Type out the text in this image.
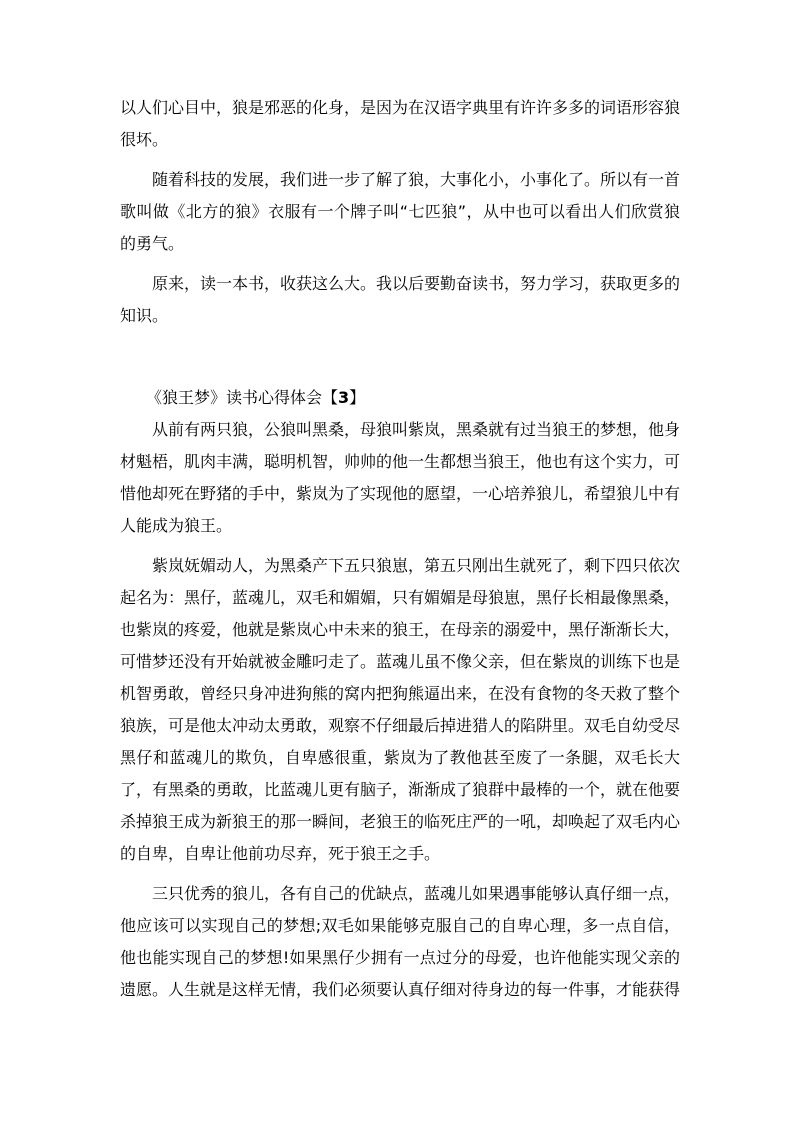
以人们心目中，狼是邪恶的化身，是因为在汉语字典里有许许多多的词语形容狼很坏。

随着科技的发展，我们进一步了解了狼，大事化小，小事化了。所以有一首歌叫做《北方的狼》衣服有一个牌子叫“七匹狼”，从中也可以看出人们欣赏狼的勇气。

原来，读一本书，收获这么大。我以后要勤奋读书，努力学习，获取更多的知识。

《狼王梦》读书心得体会【3】

从前有两只狼，公狼叫黑桑，母狼叫紫岚，黑桑就有过当狼王的梦想，他身材魁梧，肌肉丰满，聪明机智，帅帅的他一生都想当狼王，他也有这个实力，可惜他却死在野猪的手中，紫岚为了实现他的愿望，一心培养狼儿，希望狼儿中有人能成为狼王。

紫岚妩媚动人，为黑桑产下五只狼崽，第五只刚出生就死了，剩下四只依次起名为：黑仔，蓝魂儿，双毛和媚媚，只有媚媚是母狼崽，黑仔长相最像黑桑，也紫岚的疼爱，他就是紫岚心中未来的狼王，在母亲的溺爱中，黑仔渐渐长大，可惜梦还没有开始就被金雕叼走了。蓝魂儿虽不像父亲，但在紫岚的训练下也是机智勇敢，曾经只身冲进狗熊的窝内把狗熊逼出来，在没有食物的冬天救了整个狼族，可是他太冲动太勇敢，观察不仔细最后掉进猎人的陷阱里。双毛自幼受尽黑仔和蓝魂儿的欺负，自卑感很重，紫岚为了教他甚至废了一条腿，双毛长大了，有黑桑的勇敢，比蓝魂儿更有脑子，渐渐成了狼群中最棒的一个，就在他要杀掉狼王成为新狼王的那一瞬间，老狼王的临死庄严的一吼，却唤起了双毛内心的自卑，自卑让他前功尽弃，死于狼王之手。

三只优秀的狼儿，各有自己的优缺点，蓝魂儿如果遇事能够认真仔细一点，他应该可以实现自己的梦想;双毛如果能够克服自己的自卑心理，多一点自信，他也能实现自己的梦想!如果黑仔少拥有一点过分的母爱，也许他能实现父亲的遗愿。人生就是这样无情，我们必须要认真仔细对待身边的每一件事，才能获得
